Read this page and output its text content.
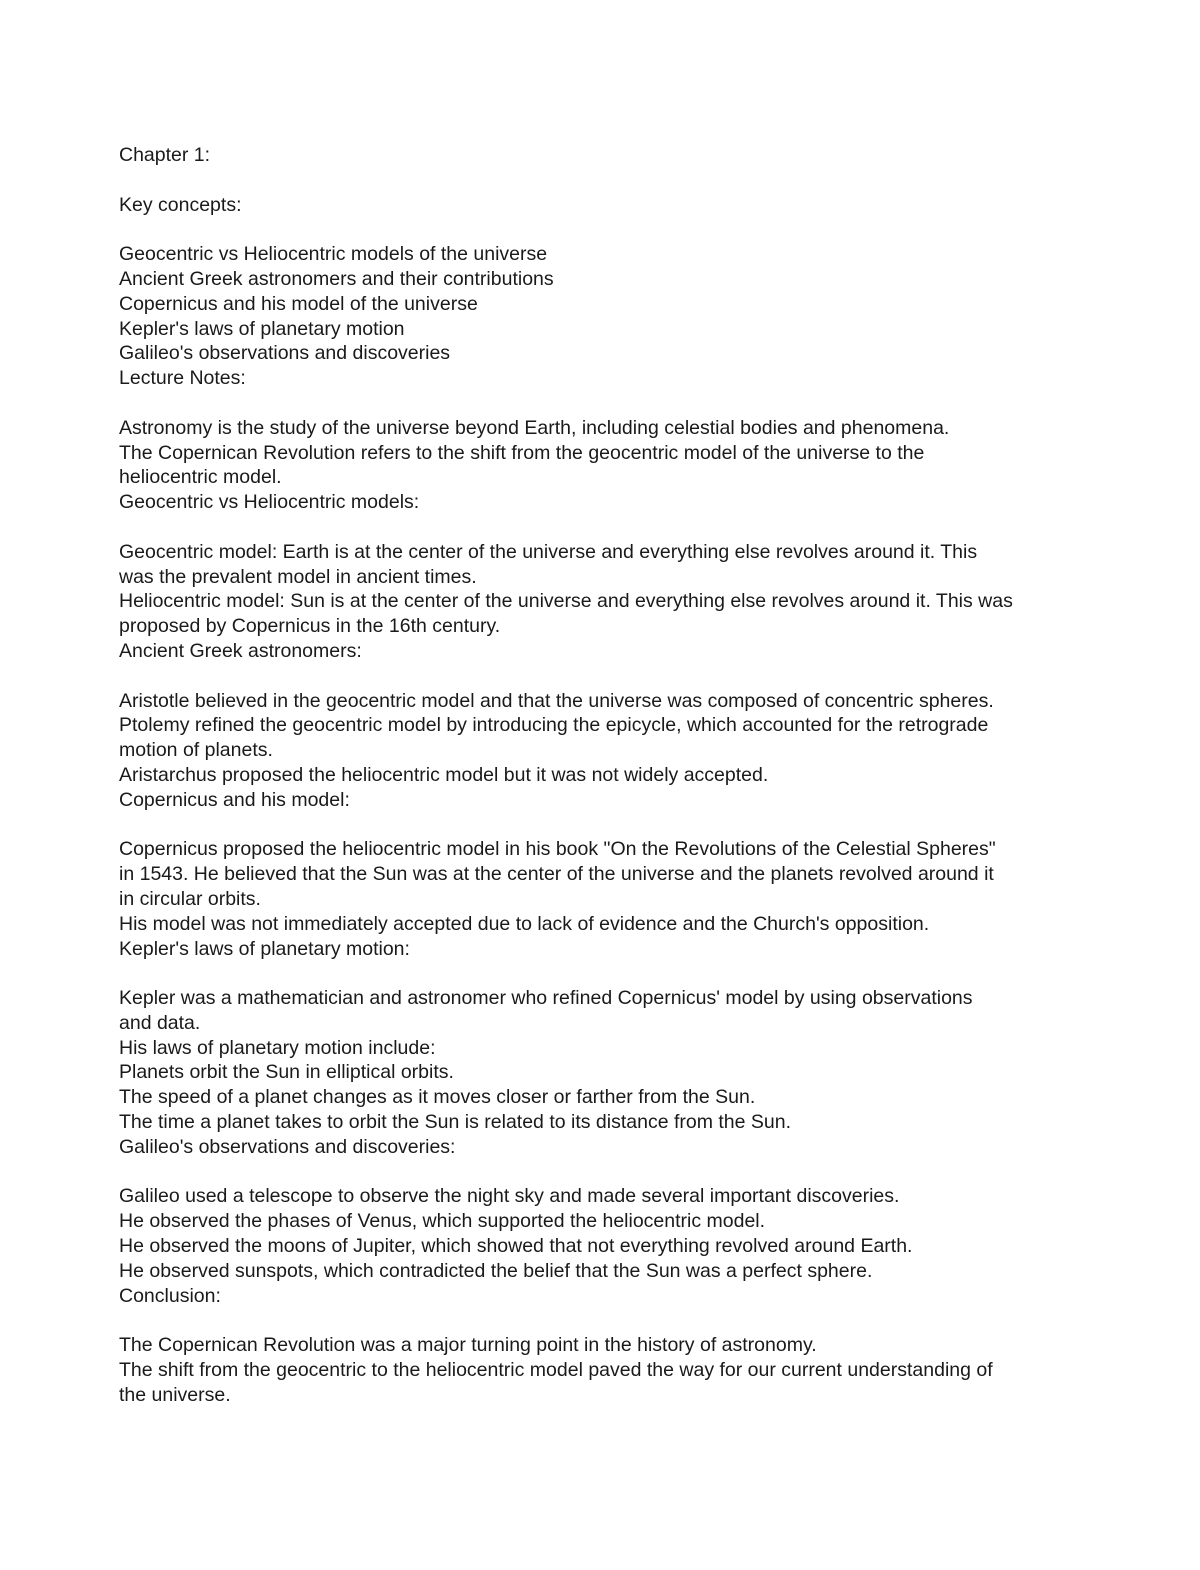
Chapter 1:
Key concepts:
Geocentric vs Heliocentric models of the universe
Ancient Greek astronomers and their contributions
Copernicus and his model of the universe
Kepler's laws of planetary motion
Galileo's observations and discoveries
Lecture Notes:
Astronomy is the study of the universe beyond Earth, including celestial bodies and phenomena.
The Copernican Revolution refers to the shift from the geocentric model of the universe to the
heliocentric model.
Geocentric vs Heliocentric models:
Geocentric model: Earth is at the center of the universe and everything else revolves around it. This
was the prevalent model in ancient times.
Heliocentric model: Sun is at the center of the universe and everything else revolves around it. This was
proposed by Copernicus in the 16th century.
Ancient Greek astronomers:
Aristotle believed in the geocentric model and that the universe was composed of concentric spheres.
Ptolemy refined the geocentric model by introducing the epicycle, which accounted for the retrograde
motion of planets.
Aristarchus proposed the heliocentric model but it was not widely accepted.
Copernicus and his model:
Copernicus proposed the heliocentric model in his book "On the Revolutions of the Celestial Spheres"
in 1543. He believed that the Sun was at the center of the universe and the planets revolved around it
in circular orbits.
His model was not immediately accepted due to lack of evidence and the Church's opposition.
Kepler's laws of planetary motion:
Kepler was a mathematician and astronomer who refined Copernicus' model by using observations
and data.
His laws of planetary motion include:
Planets orbit the Sun in elliptical orbits.
The speed of a planet changes as it moves closer or farther from the Sun.
The time a planet takes to orbit the Sun is related to its distance from the Sun.
Galileo's observations and discoveries:
Galileo used a telescope to observe the night sky and made several important discoveries.
He observed the phases of Venus, which supported the heliocentric model.
He observed the moons of Jupiter, which showed that not everything revolved around Earth.
He observed sunspots, which contradicted the belief that the Sun was a perfect sphere.
Conclusion:
The Copernican Revolution was a major turning point in the history of astronomy.
The shift from the geocentric to the heliocentric model paved the way for our current understanding of
the universe.
